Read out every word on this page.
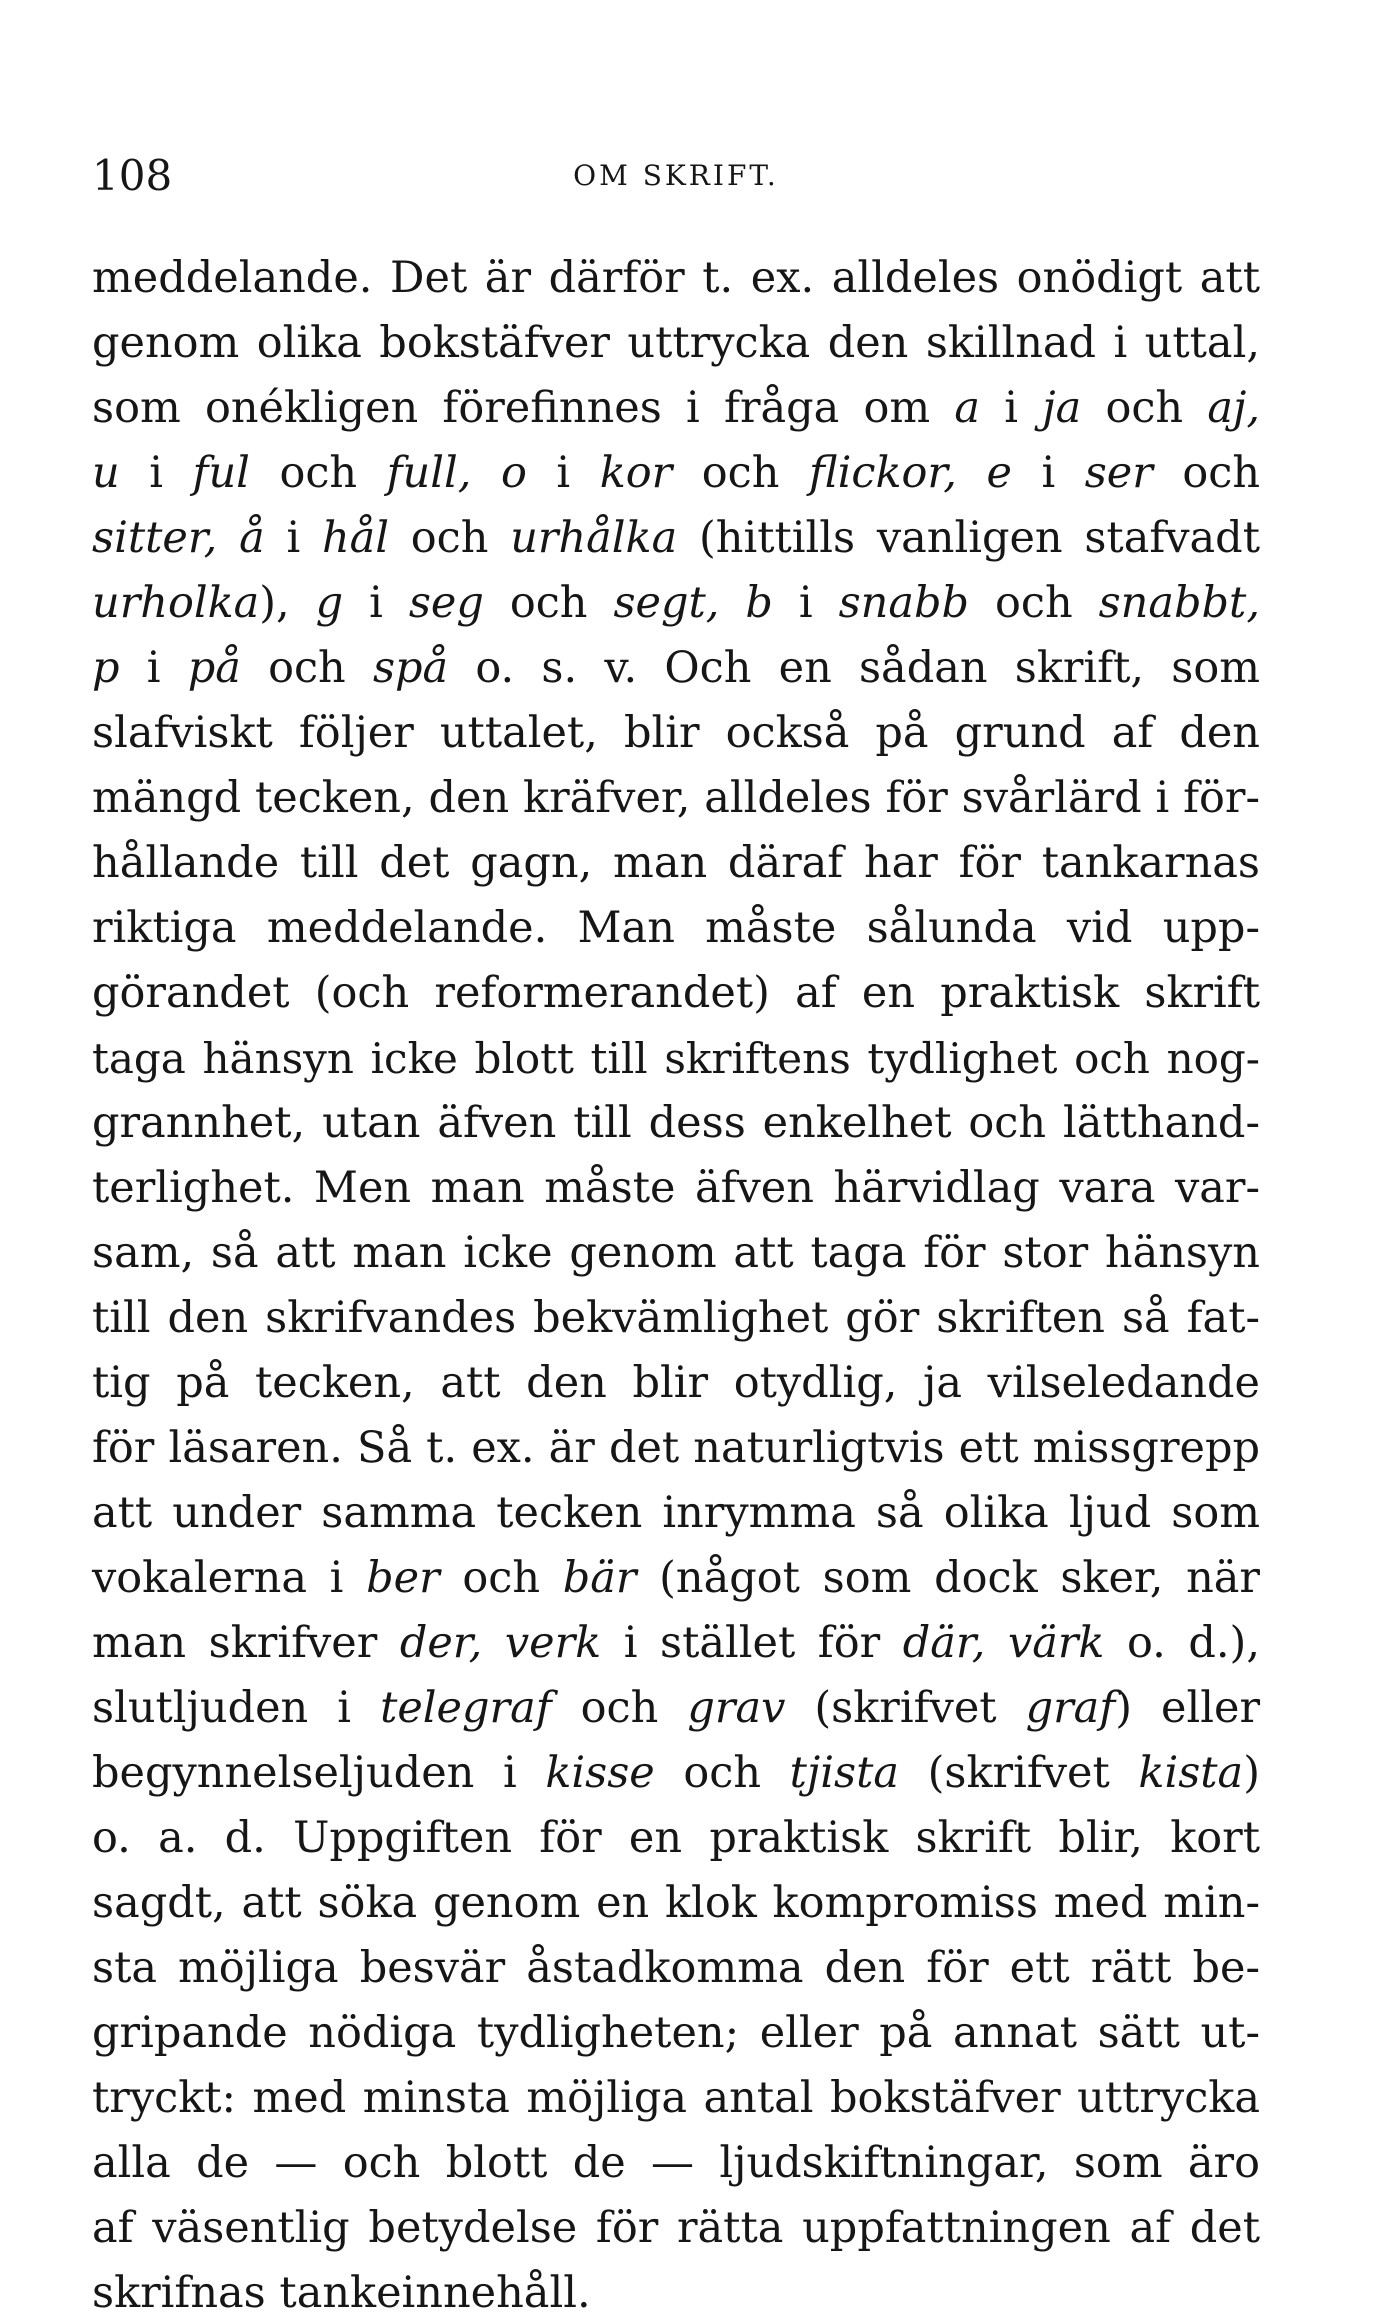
108	OM SKRIFT.
meddelande. Det är därför t. ex. alldeles onödigt att
genom olika bokstäfver uttrycka den skillnad i uttal,
som onékligen förefinnes i fråga om a i ja och aj,
u i ful och full, o i kor och flickor, e i ser och
sitter, å i hål och urhålka (hittills vanligen stafvadt
urholka), g i seg och segt, b i snabb och snabbt,
p i på och spå o. s. v. Och en sådan skrift, som
slafviskt följer uttalet, blir också på grund af den
mängd tecken, den kräfver, alldeles för svårlärd i för-
hållande till det gagn, man däraf har för tankarnas
riktiga meddelande. Man måste sålunda vid upp-
görandet (och reformerandet) af en praktisk skrift
taga hänsyn icke blott till skriftens tydlighet och nog-
grannhet, utan äfven till dess enkelhet och lätthand-
terlighet. Men man måste äfven härvidlag vara var-
sam, så att man icke genom att taga för stor hänsyn
till den skrifvandes bekvämlighet gör skriften så fat-
tig på tecken, att den blir otydlig, ja vilseledande
för läsaren. Så t. ex. är det naturligtvis ett missgrepp
att under samma tecken inrymma så olika ljud som
vokalerna i ber och bär (något som dock sker, när
man skrifver der, verk i stället för där, värk o. d.),
slutljuden i telegraf och grav (skrifvet graf) eller
begynnelseljuden i kisse och tjista (skrifvet kista)
o. a. d. Uppgiften för en praktisk skrift blir, kort
sagdt, att söka genom en klok kompromiss med min-
sta möjliga besvär åstadkomma den för ett rätt be-
gripande nödiga tydligheten; eller på annat sätt ut-
tryckt: med minsta möjliga antal bokstäfver uttrycka
alla de — och blott de — ljudskiftningar, som äro
af väsentlig betydelse för rätta uppfattningen af det
skrifnas tankeinnehåll.
